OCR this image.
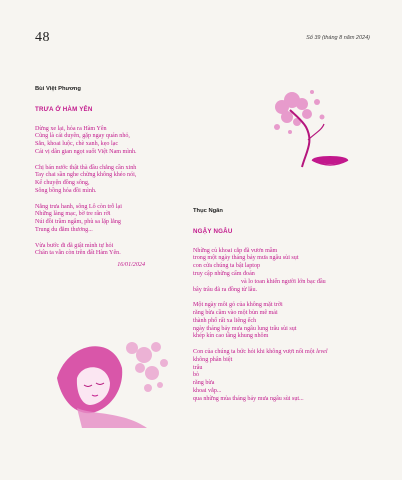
48	Số 39 (tháng 8 năm 2024)
Bùi Việt Phương
TRƯA Ở HÀM YÊN
Dừng xe lại, hỏa ra Hàm Yên
Cũng là cái duyên, gặp ngay quán nhỏ,
Sắn, khoai luộc, chè xanh, kẹo lạc
Cái vị dân gian ngọt suốt Việt Nam mình.
Chị bán nước thật thà đầu chẳng cần xinh
Tay chai sần nghe chừng không khéo nói,
Kể chuyện đồng sông,
Sông bồng hóa đồi mình.
Nắng trưa hanh, sông Lô còn trỗ lại
Những làng mạc, bờ tre rân rời
Núi đồi trầm ngâm, phù sa lặp lẳng
Trung du đằm thương...
Vừa bước đi đã giật mình tự hỏi
Chân ta vẫn còn trên đất Hàm Yên.
16/01/2024
Thục Ngân
NGẬY NGÂU
Những củ khoai cắp đã vươn mầm
trong một ngày tháng bảy mưa ngâu sùi sụt
con cửa chúng ta bật laptop
truy cập những cẩm đoán
và lo toan khiến người lớn bạc đầu
bây trâu đã ra đồng từ lâu.
Một ngày môi gỏ của không mặt trời
răng bừa cầm vào một bùn mê mải
thành phố rất xa liêng ếch
ngày tháng bảy mưa ngâu lung trâu sùi sụt
khép kín cao tầng khung nhôm
Con của chúng ta bức hỏi khi không vượt nổi một level
không phân biệt
trâu
bò
răng bừa
khoai vắp...
qua những mùa tháng bảy mưa ngâu sùi sụt...
